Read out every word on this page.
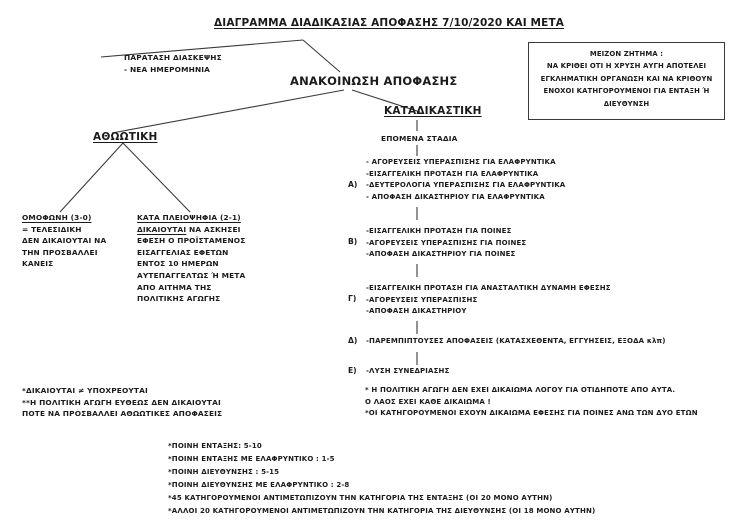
ΔΙΑΓΡΑΜΜΑ ΔΙΑΔΙΚΑΣΙΑΣ ΑΠΟΦΑΣΗΣ 7/10/2020 ΚΑΙ ΜΕΤΑ
ΠΑΡΑΤΑΣΗ ΔΙΑΣΚΕΨΗΣ
- ΝΕΑ ΗΜΕΡΟΜΗΝΙΑ
ΜΕΙΖΟΝ ΖΗΤΗΜΑ :
ΝΑ ΚΡΙΘΕΙ ΟΤΙ Η ΧΡΥΣΗ ΑΥΓΗ ΑΠΟΤΕΛΕΙ
ΕΓΚΛΗΜΑΤΙΚΗ ΟΡΓΑΝΩΣΗ ΚΑΙ ΝΑ ΚΡΙΘΟΥΝ
ΕΝΟΧΟΙ ΚΑΤΗΓΟΡΟΥΜΕΝΟΙ ΓΙΑ ΕΝΤΑΞΗ Ή
ΔΙΕΥΘΥΝΣΗ
ΑΝΑΚΟΙΝΩΣΗ ΑΠΟΦΑΣΗΣ
ΚΑΤΑΔΙΚΑΣΤΙΚΗ
ΕΠΟΜΕΝΑ ΣΤΑΔΙΑ
ΑΘΩΩΤΙΚΗ
ΟΜΟΦΩΝΗ (3-0)
= ΤΕΛΕΣΙΔΙΚΗ
ΔΕΝ ΔΙΚΑΙΟΥΤΑΙ ΝΑ
ΤΗΝ ΠΡΟΣΒΑΛΛΕΙ
ΚΑΝΕΙΣ
ΚΑΤΑ ΠΛΕΙΟΨΗΦΙΑ (2-1)
ΔΙΚΑΙΟΥΤΑΙ ΝΑ ΑΣΚΗΣΕΙ
ΕΦΕΣΗ Ο ΠΡΟΪΣΤΑΜΕΝΟΣ
ΕΙΣΑΓΓΕΛΙΑΣ ΕΦΕΤΩΝ
ΕΝΤΟΣ 10 ΗΜΕΡΩΝ
ΑΥΤΕΠΑΓΓΕΛΤΩΣ Ή ΜΕΤΑ
ΑΠΟ ΑΙΤΗΜΑ ΤΗΣ
ΠΟΛΙΤΙΚΗΣ ΑΓΩΓΗΣ
Α)
- ΑΓΟΡΕΥΣΕΙΣ ΥΠΕΡΑΣΠΙΣΗΣ ΓΙΑ ΕΛΑΦΡΥΝΤΙΚΑ
-ΕΙΣΑΓΓΕΛΙΚΗ ΠΡΟΤΑΣΗ ΓΙΑ ΕΛΑΦΡΥΝΤΙΚΑ
-ΔΕΥΤΕΡΟΛΟΓΙΑ ΥΠΕΡΑΣΠΙΣΗΣ ΓΙΑ ΕΛΑΦΡΥΝΤΙΚΑ
- ΑΠΟΦΑΣΗ ΔΙΚΑΣΤΗΡΙΟΥ ΓΙΑ ΕΛΑΦΡΥΝΤΙΚΑ
Β)
-ΕΙΣΑΓΓΕΛΙΚΗ ΠΡΟΤΑΣΗ ΓΙΑ ΠΟΙΝΕΣ
-ΑΓΟΡΕΥΣΕΙΣ ΥΠΕΡΑΣΠΙΣΗΣ ΓΙΑ ΠΟΙΝΕΣ
-ΑΠΟΦΑΣΗ ΔΙΚΑΣΤΗΡΙΟΥ ΓΙΑ ΠΟΙΝΕΣ
Γ)
-ΕΙΣΑΓΓΕΛΙΚΗ ΠΡΟΤΑΣΗ ΓΙΑ ΑΝΑΣΤΑΛΤΙΚΗ ΔΥΝΑΜΗ ΕΦΕΣΗΣ
-ΑΓΟΡΕΥΣΕΙΣ ΥΠΕΡΑΣΠΙΣΗΣ
-ΑΠΟΦΑΣΗ ΔΙΚΑΣΤΗΡΙΟΥ
Δ) -ΠΑΡΕΜΠΙΠΤΟΥΣΕΣ ΑΠΟΦΑΣΕΙΣ (ΚΑΤΑΣΧΕΘΕΝΤΑ, ΕΓΓΥΗΣΕΙΣ, ΕΞΟΔΑ κλπ)
Ε) -ΛΥΣΗ ΣΥΝΕΔΡΙΑΣΗΣ
*ΔΙΚΑΙΟΥΤΑΙ ≠ ΥΠΟΧΡΕΟΥΤΑΙ
**Η ΠΟΛΙΤΙΚΗ ΑΓΩΓΗ ΕΥΘΕΩΣ ΔΕΝ ΔΙΚΑΙΟΥΤΑΙ
ΠΟΤΕ ΝΑ ΠΡΟΣΒΑΛΛΕΙ ΑΘΩΩΤΙΚΕΣ ΑΠΟΦΑΣΕΙΣ
* Η ΠΟΛΙΤΙΚΗ ΑΓΩΓΗ ΔΕΝ ΕΧΕΙ ΔΙΚΑΙΩΜΑ ΛΟΓΟΥ ΓΙΑ ΟΤΙΔΗΠΟΤΕ ΑΠΟ ΑΥΤΑ.
Ο ΛΑΟΣ ΕΧΕΙ ΚΑΘΕ ΔΙΚΑΙΩΜΑ !
*ΟΙ ΚΑΤΗΓΟΡΟΥΜΕΝΟΙ ΕΧΟΥΝ ΔΙΚΑΙΩΜΑ ΕΦΕΣΗΣ ΓΙΑ ΠΟΙΝΕΣ ΑΝΩ ΤΩΝ ΔΥΟ ΕΤΩΝ
*ΠΟΙΝΗ ΕΝΤΑΞΗΣ: 5-10
*ΠΟΙΝΗ ΕΝΤΑΞΗΣ ΜΕ ΕΛΑΦΡΥΝΤΙΚΟ : 1-5
*ΠΟΙΝΗ ΔΙΕΥΘΥΝΣΗΣ : 5-15
*ΠΟΙΝΗ ΔΙΕΥΘΥΝΣΗΣ ΜΕ ΕΛΑΦΡΥΝΤΙΚΟ : 2-8
*45 ΚΑΤΗΓΟΡΟΥΜΕΝΟΙ ΑΝΤΙΜΕΤΩΠΙΖΟΥΝ ΤΗΝ ΚΑΤΗΓΟΡΙΑ ΤΗΣ ΕΝΤΑΞΗΣ (ΟΙ 20 ΜΟΝΟ ΑΥΤΗΝ)
*ΑΛΛΟΙ 20 ΚΑΤΗΓΟΡΟΥΜΕΝΟΙ ΑΝΤΙΜΕΤΩΠΙΖΟΥΝ ΤΗΝ ΚΑΤΗΓΟΡΙΑ ΤΗΣ ΔΙΕΥΘΥΝΣΗΣ (ΟΙ 18 ΜΟΝΟ ΑΥΤΗΝ)
